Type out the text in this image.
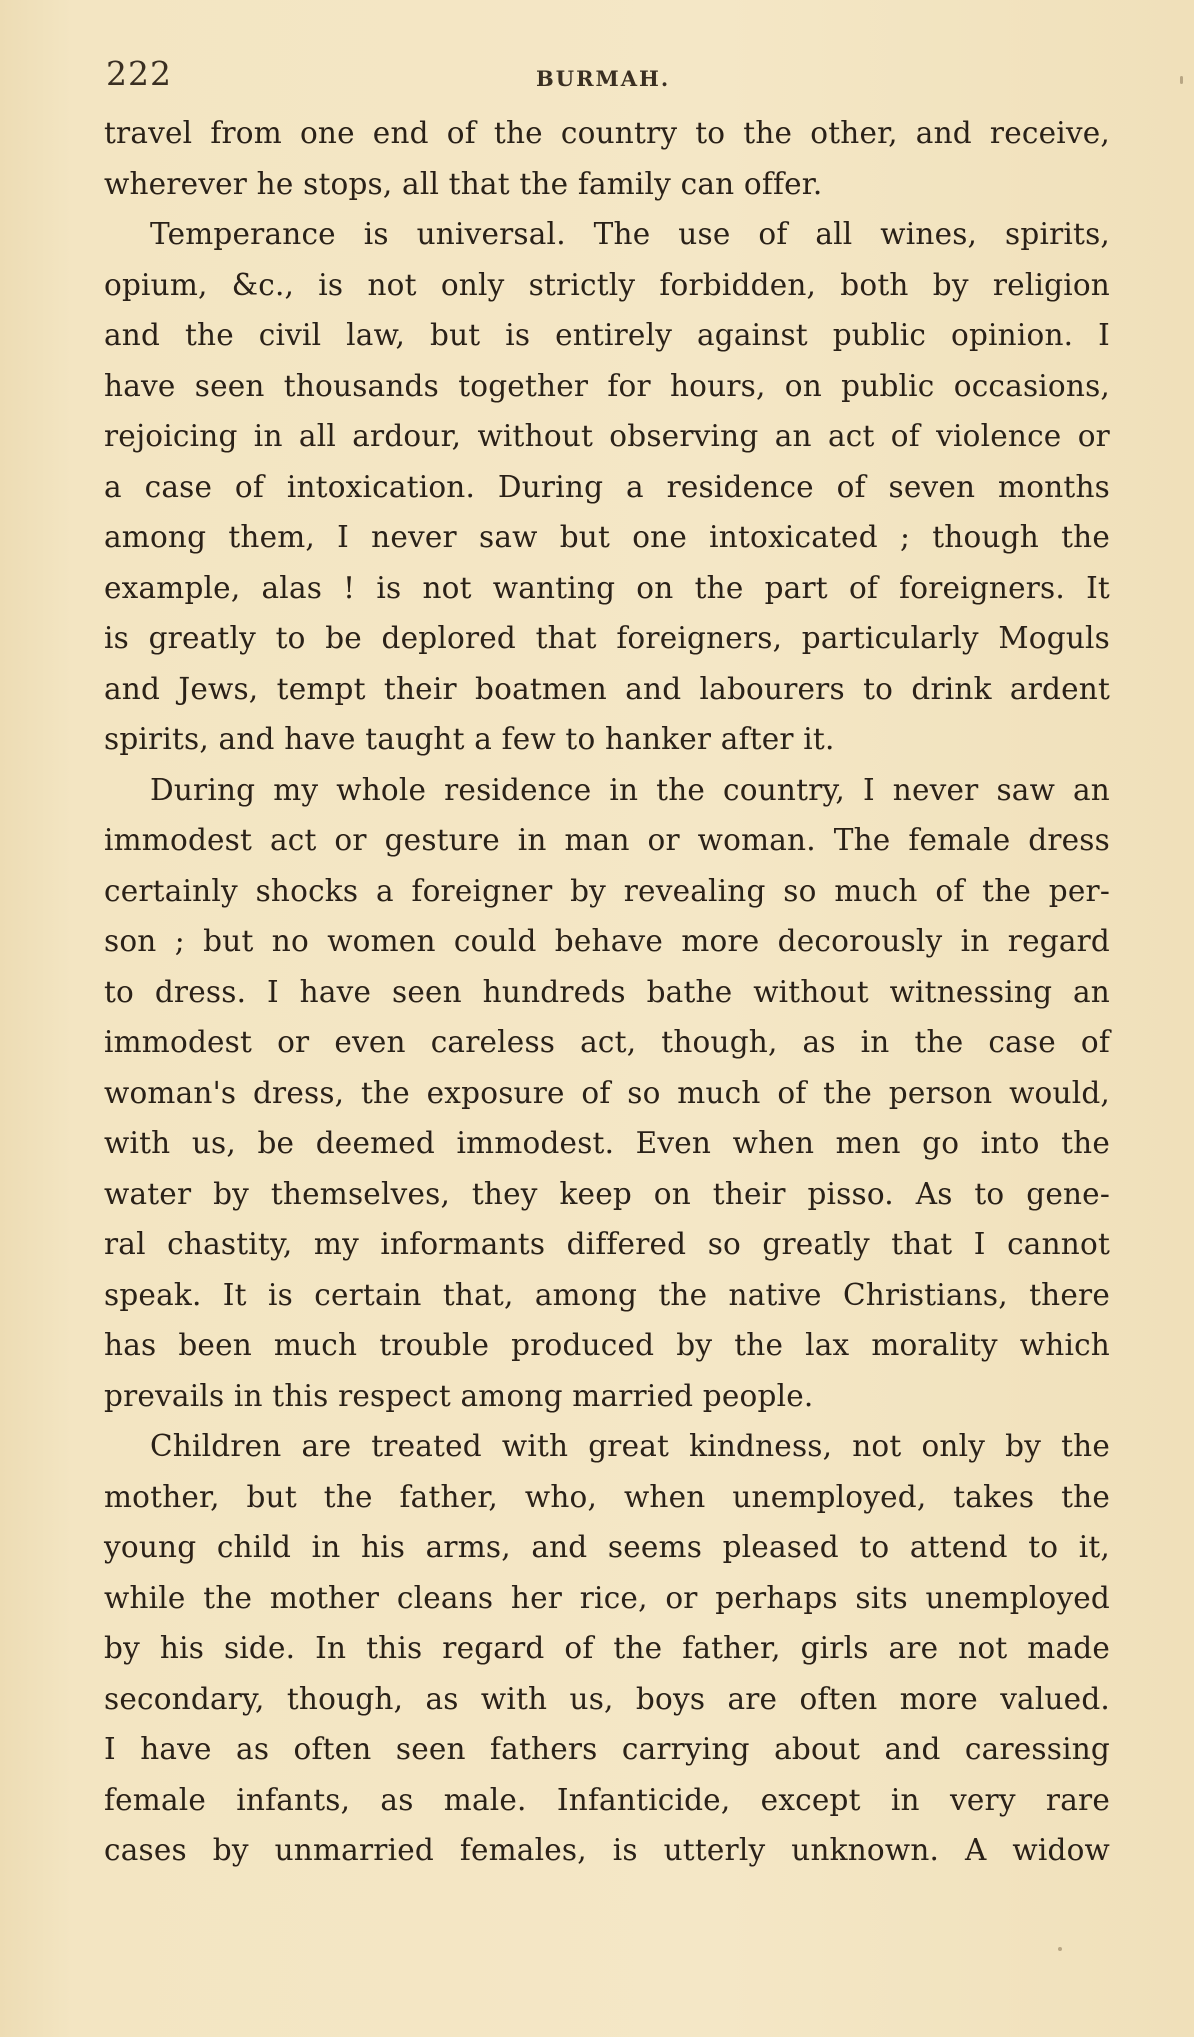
222	BURMAH.
travel from one end of the country to the other, and receive,
wherever he stops, all that the family can offer.
Temperance is universal. The use of all wines, spirits,
opium, &c., is not only strictly forbidden, both by religion
and the civil law, but is entirely against public opinion. I
have seen thousands together for hours, on public occasions,
rejoicing in all ardour, without observing an act of violence or
a case of intoxication. During a residence of seven months
among them, I never saw but one intoxicated ; though the
example, alas ! is not wanting on the part of foreigners. It
is greatly to be deplored that foreigners, particularly Moguls
and Jews, tempt their boatmen and labourers to drink ardent
spirits, and have taught a few to hanker after it.
During my whole residence in the country, I never saw an
immodest act or gesture in man or woman. The female dress
certainly shocks a foreigner by revealing so much of the per-
son ; but no women could behave more decorously in regard
to dress. I have seen hundreds bathe without witnessing an
immodest or even careless act, though, as in the case of
woman's dress, the exposure of so much of the person would,
with us, be deemed immodest. Even when men go into the
water by themselves, they keep on their pisso. As to gene-
ral chastity, my informants differed so greatly that I cannot
speak. It is certain that, among the native Christians, there
has been much trouble produced by the lax morality which
prevails in this respect among married people.
Children are treated with great kindness, not only by the
mother, but the father, who, when unemployed, takes the
young child in his arms, and seems pleased to attend to it,
while the mother cleans her rice, or perhaps sits unemployed
by his side. In this regard of the father, girls are not made
secondary, though, as with us, boys are often more valued.
I have as often seen fathers carrying about and caressing
female infants, as male. Infanticide, except in very rare
cases by unmarried females, is utterly unknown. A widow
